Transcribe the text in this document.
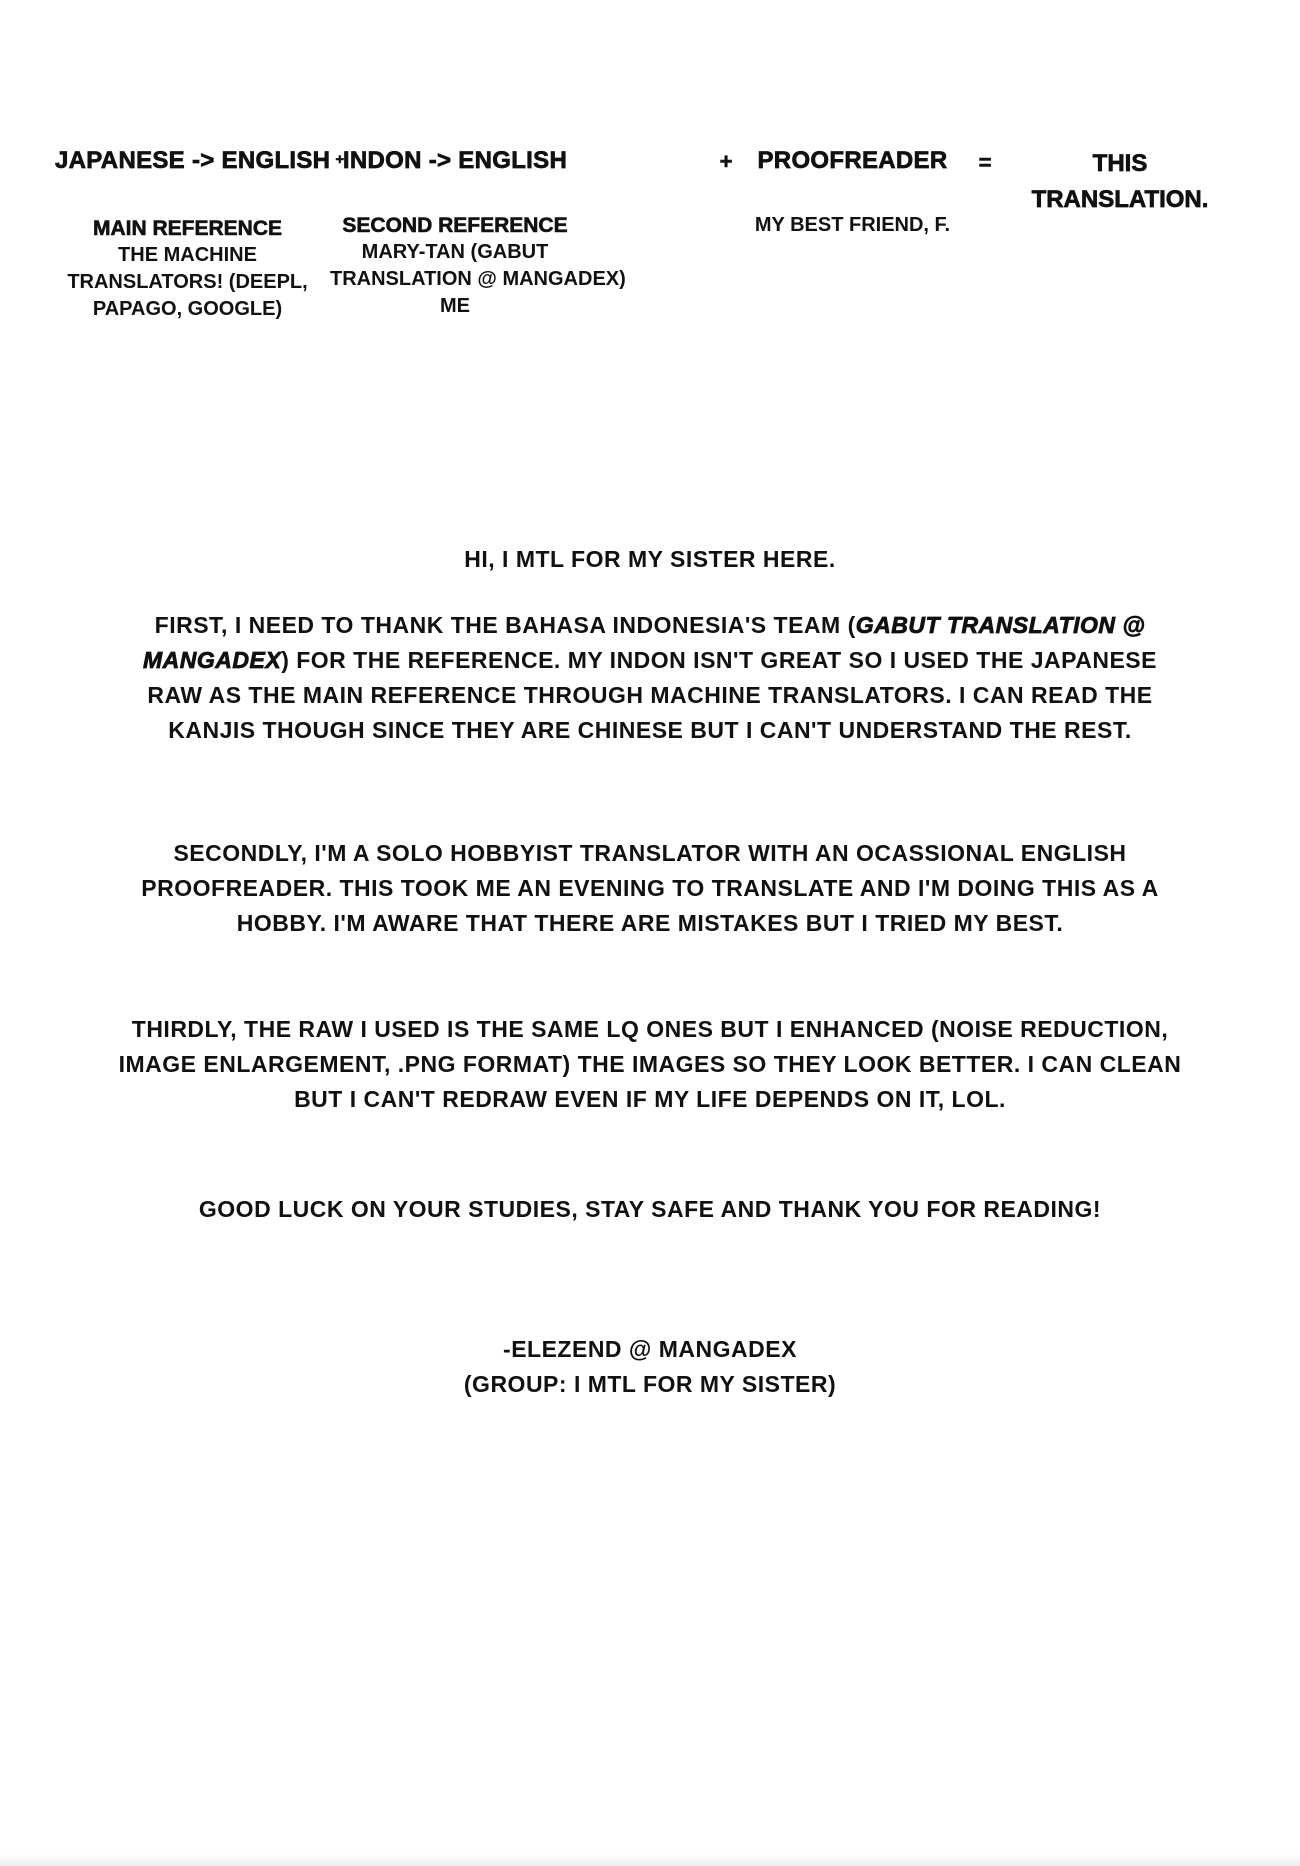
JAPANESE -> ENGLISH +
MAIN REFERENCE
THE MACHINE
TRANSLATORS! (DEEPL,
PAPAGO, GOOGLE)
INDON -> ENGLISH
SECOND REFERENCE
MARY-TAN (GABUT
TRANSLATION @ MANGADEX)
ME
+	PROOFREADER
MY BEST FRIEND, F.
=	THIS
TRANSLATION.
HI, I MTL FOR MY SISTER HERE.
FIRST, I NEED TO THANK THE BAHASA INDONESIA'S TEAM (GABUT TRANSLATION @
MANGADEX) FOR THE REFERENCE. MY INDON ISN'T GREAT SO I USED THE JAPANESE
RAW AS THE MAIN REFERENCE THROUGH MACHINE TRANSLATORS. I CAN READ THE
KANJIS THOUGH SINCE THEY ARE CHINESE BUT I CAN'T UNDERSTAND THE REST.
SECONDLY, I'M A SOLO HOBBYIST TRANSLATOR WITH AN OCASSIONAL ENGLISH
PROOFREADER. THIS TOOK ME AN EVENING TO TRANSLATE AND I'M DOING THIS AS A
HOBBY. I'M AWARE THAT THERE ARE MISTAKES BUT I TRIED MY BEST.
THIRDLY, THE RAW I USED IS THE SAME LQ ONES BUT I ENHANCED (NOISE REDUCTION,
IMAGE ENLARGEMENT, .PNG FORMAT) THE IMAGES SO THEY LOOK BETTER. I CAN CLEAN
BUT I CAN'T REDRAW EVEN IF MY LIFE DEPENDS ON IT, LOL.
GOOD LUCK ON YOUR STUDIES, STAY SAFE AND THANK YOU FOR READING!
-ELEZEND @ MANGADEX
(GROUP: I MTL FOR MY SISTER)
